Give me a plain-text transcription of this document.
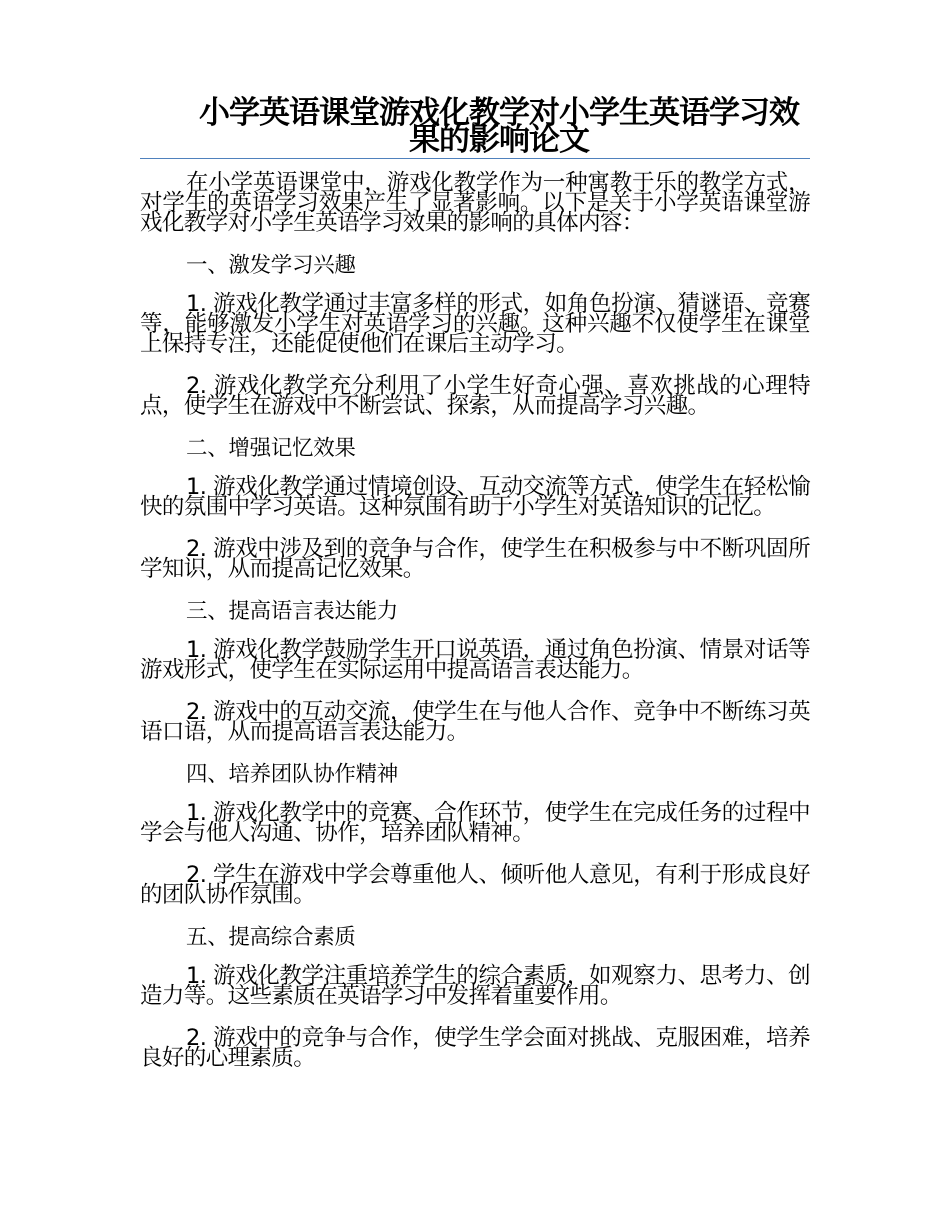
小学英语课堂游戏化教学对小学生英语学习效果的影响论文

在小学英语课堂中，游戏化教学作为一种寓教于乐的教学方式，对学生的英语学习效果产生了显著影响。以下是关于小学英语课堂游戏化教学对小学生英语学习效果的影响的具体内容：

一、激发学习兴趣

1. 游戏化教学通过丰富多样的形式，如角色扮演、猜谜语、竞赛等，能够激发小学生对英语学习的兴趣。这种兴趣不仅使学生在课堂上保持专注，还能促使他们在课后主动学习。

2. 游戏化教学充分利用了小学生好奇心强、喜欢挑战的心理特点，使学生在游戏中不断尝试、探索，从而提高学习兴趣。

二、增强记忆效果

1. 游戏化教学通过情境创设、互动交流等方式，使学生在轻松愉快的氛围中学习英语。这种氛围有助于小学生对英语知识的记忆。

2. 游戏中涉及到的竞争与合作，使学生在积极参与中不断巩固所学知识，从而提高记忆效果。

三、提高语言表达能力

1. 游戏化教学鼓励学生开口说英语，通过角色扮演、情景对话等游戏形式，使学生在实际运用中提高语言表达能力。

2. 游戏中的互动交流，使学生在与他人合作、竞争中不断练习英语口语，从而提高语言表达能力。

四、培养团队协作精神

1. 游戏化教学中的竞赛、合作环节，使学生在完成任务的过程中学会与他人沟通、协作，培养团队精神。

2. 学生在游戏中学会尊重他人、倾听他人意见，有利于形成良好的团队协作氛围。

五、提高综合素质

1. 游戏化教学注重培养学生的综合素质，如观察力、思考力、创造力等。这些素质在英语学习中发挥着重要作用。

2. 游戏中的竞争与合作，使学生学会面对挑战、克服困难，培养良好的心理素质。
